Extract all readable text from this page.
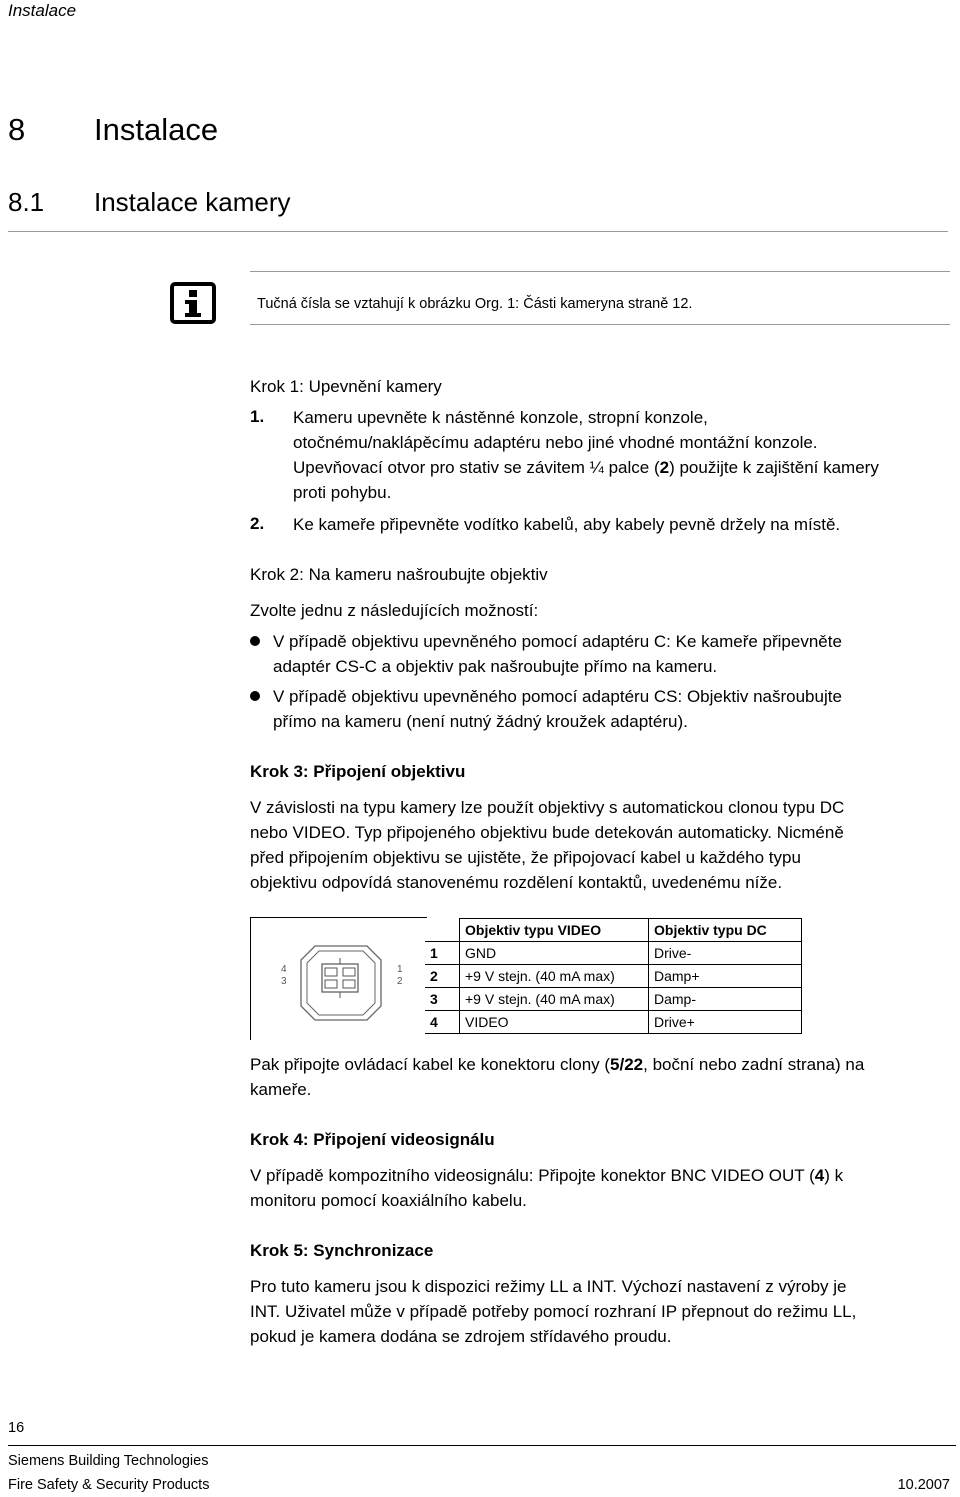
Instalace
8 Instalace
8.1 Instalace kamery
Tučná čísla se vztahují k obrázku Org. 1: Části kameryna straně 12.
Krok 1: Upevnění kamery
1. Kameru upevněte k nástěnné konzole, stropní konzole,
otočnému/naklápěcímu adaptéru nebo jiné vhodné montážní konzole.
Upevňovací otvor pro stativ se závitem ¼ palce (2) použijte k zajištění kamery
proti pohybu.
2. Ke kameře připevněte vodítko kabelů, aby kabely pevně držely na místě.
Krok 2: Na kameru našroubujte objektiv
Zvolte jednu z následujících možností:
V případě objektivu upevněného pomocí adaptéru C: Ke kameře připevněte
adaptér CS-C a objektiv pak našroubujte přímo na kameru.
V případě objektivu upevněného pomocí adaptéru CS: Objektiv našroubujte
přímo na kameru (není nutný žádný kroužek adaptéru).
Krok 3: Připojení objektivu
V závislosti na typu kamery lze použít objektivy s automatickou clonou typu DC
nebo VIDEO. Typ připojeného objektivu bude detekován automaticky. Nicméně
před připojením objektivu se ujistěte, že připojovací kabel u každého typu
objektivu odpovídá stanovenému rozdělení kontaktů, uvedenému níže.
4
3
1
2
	Objektiv typu VIDEO	Objektiv typu DC
1	GND	Drive-
2	+9 V stejn. (40 mA max)	Damp+
3	+9 V stejn. (40 mA max)	Damp-
4	VIDEO	Drive+
Pak připojte ovládací kabel ke konektoru clony (5/22, boční nebo zadní strana) na
kameře.
Krok 4: Připojení videosignálu
V případě kompozitního videosignálu: Připojte konektor BNC VIDEO OUT (4) k
monitoru pomocí koaxiálního kabelu.
Krok 5: Synchronizace
Pro tuto kameru jsou k dispozici režimy LL a INT. Výchozí nastavení z výroby je
INT. Uživatel může v případě potřeby pomocí rozhraní IP přepnout do režimu LL,
pokud je kamera dodána se zdrojem střídavého proudu.
16
Siemens Building Technologies
Fire Safety & Security Products	10.2007
